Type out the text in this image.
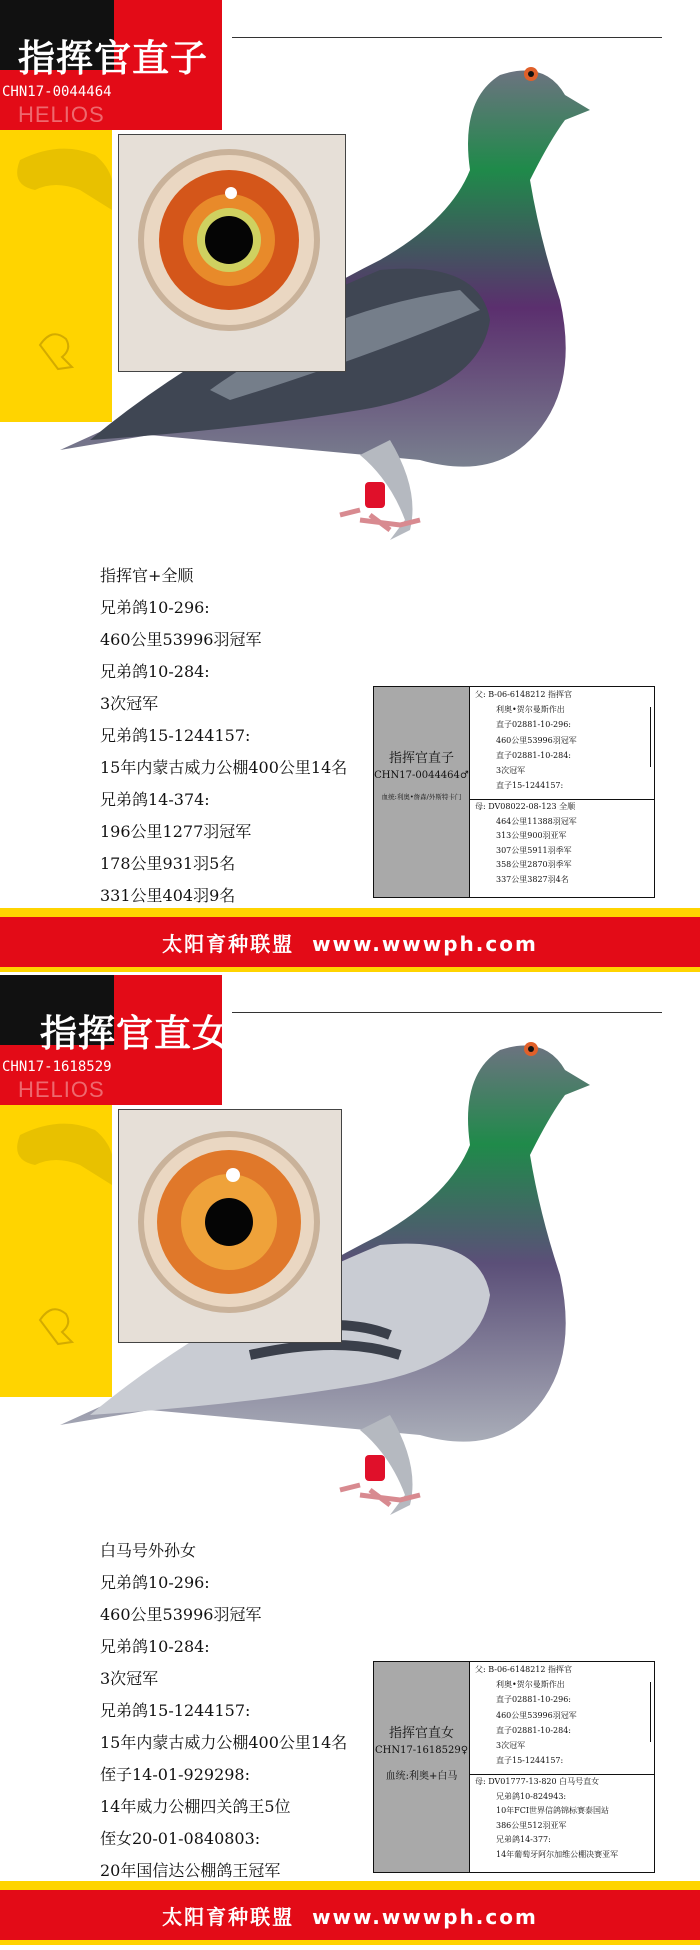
指挥官直子
CHN17-0044464
HELIOS
指挥官+全顺
兄弟鸽10-296:
460公里53996羽冠军
兄弟鸽10-284:
3次冠军
兄弟鸽15-1244157:
15年内蒙古威力公棚400公里14名
兄弟鸽14-374:
196公里1277羽冠军
178公里931羽5名
331公里404羽9名
指挥官直子
CHN17-0044464♂
血统:利奥•詹森/外斯特卡门
父: B-06-6148212 指挥官
利奥•贺尔曼斯作出
直子02881-10-296:
460公里53996羽冠军
直子02881-10-284:
3次冠军
直子15-1244157:
母: DV08022-08-123 全顺
464公里11388羽冠军
313公里900羽亚军
307公里5911羽季军
358公里2870羽季军
337公里3827羽4名
太阳育种联盟  www.wwwph.com
指挥官直女
CHN17-1618529
HELIOS
白马号外孙女
兄弟鸽10-296:
460公里53996羽冠军
兄弟鸽10-284:
3次冠军
兄弟鸽15-1244157:
15年内蒙古威力公棚400公里14名
侄子14-01-929298:
14年威力公棚四关鸽王5位
侄女20-01-0840803:
20年国信达公棚鸽王冠军
指挥官直女
CHN17-1618529♀
血统:利奥+白马
父: B-06-6148212 指挥官
利奥•贺尔曼斯作出
直子02881-10-296:
460公里53996羽冠军
直子02881-10-284:
3次冠军
直子15-1244157:
母: DV01777-13-820 白马号直女
兄弟鸽10-824943:
10年FCI世界信鸽锦标赛泰国站
386公里512羽亚军
兄弟鸽14-377:
14年葡萄牙阿尔加维公棚决赛亚军
太阳育种联盟  www.wwwph.com
